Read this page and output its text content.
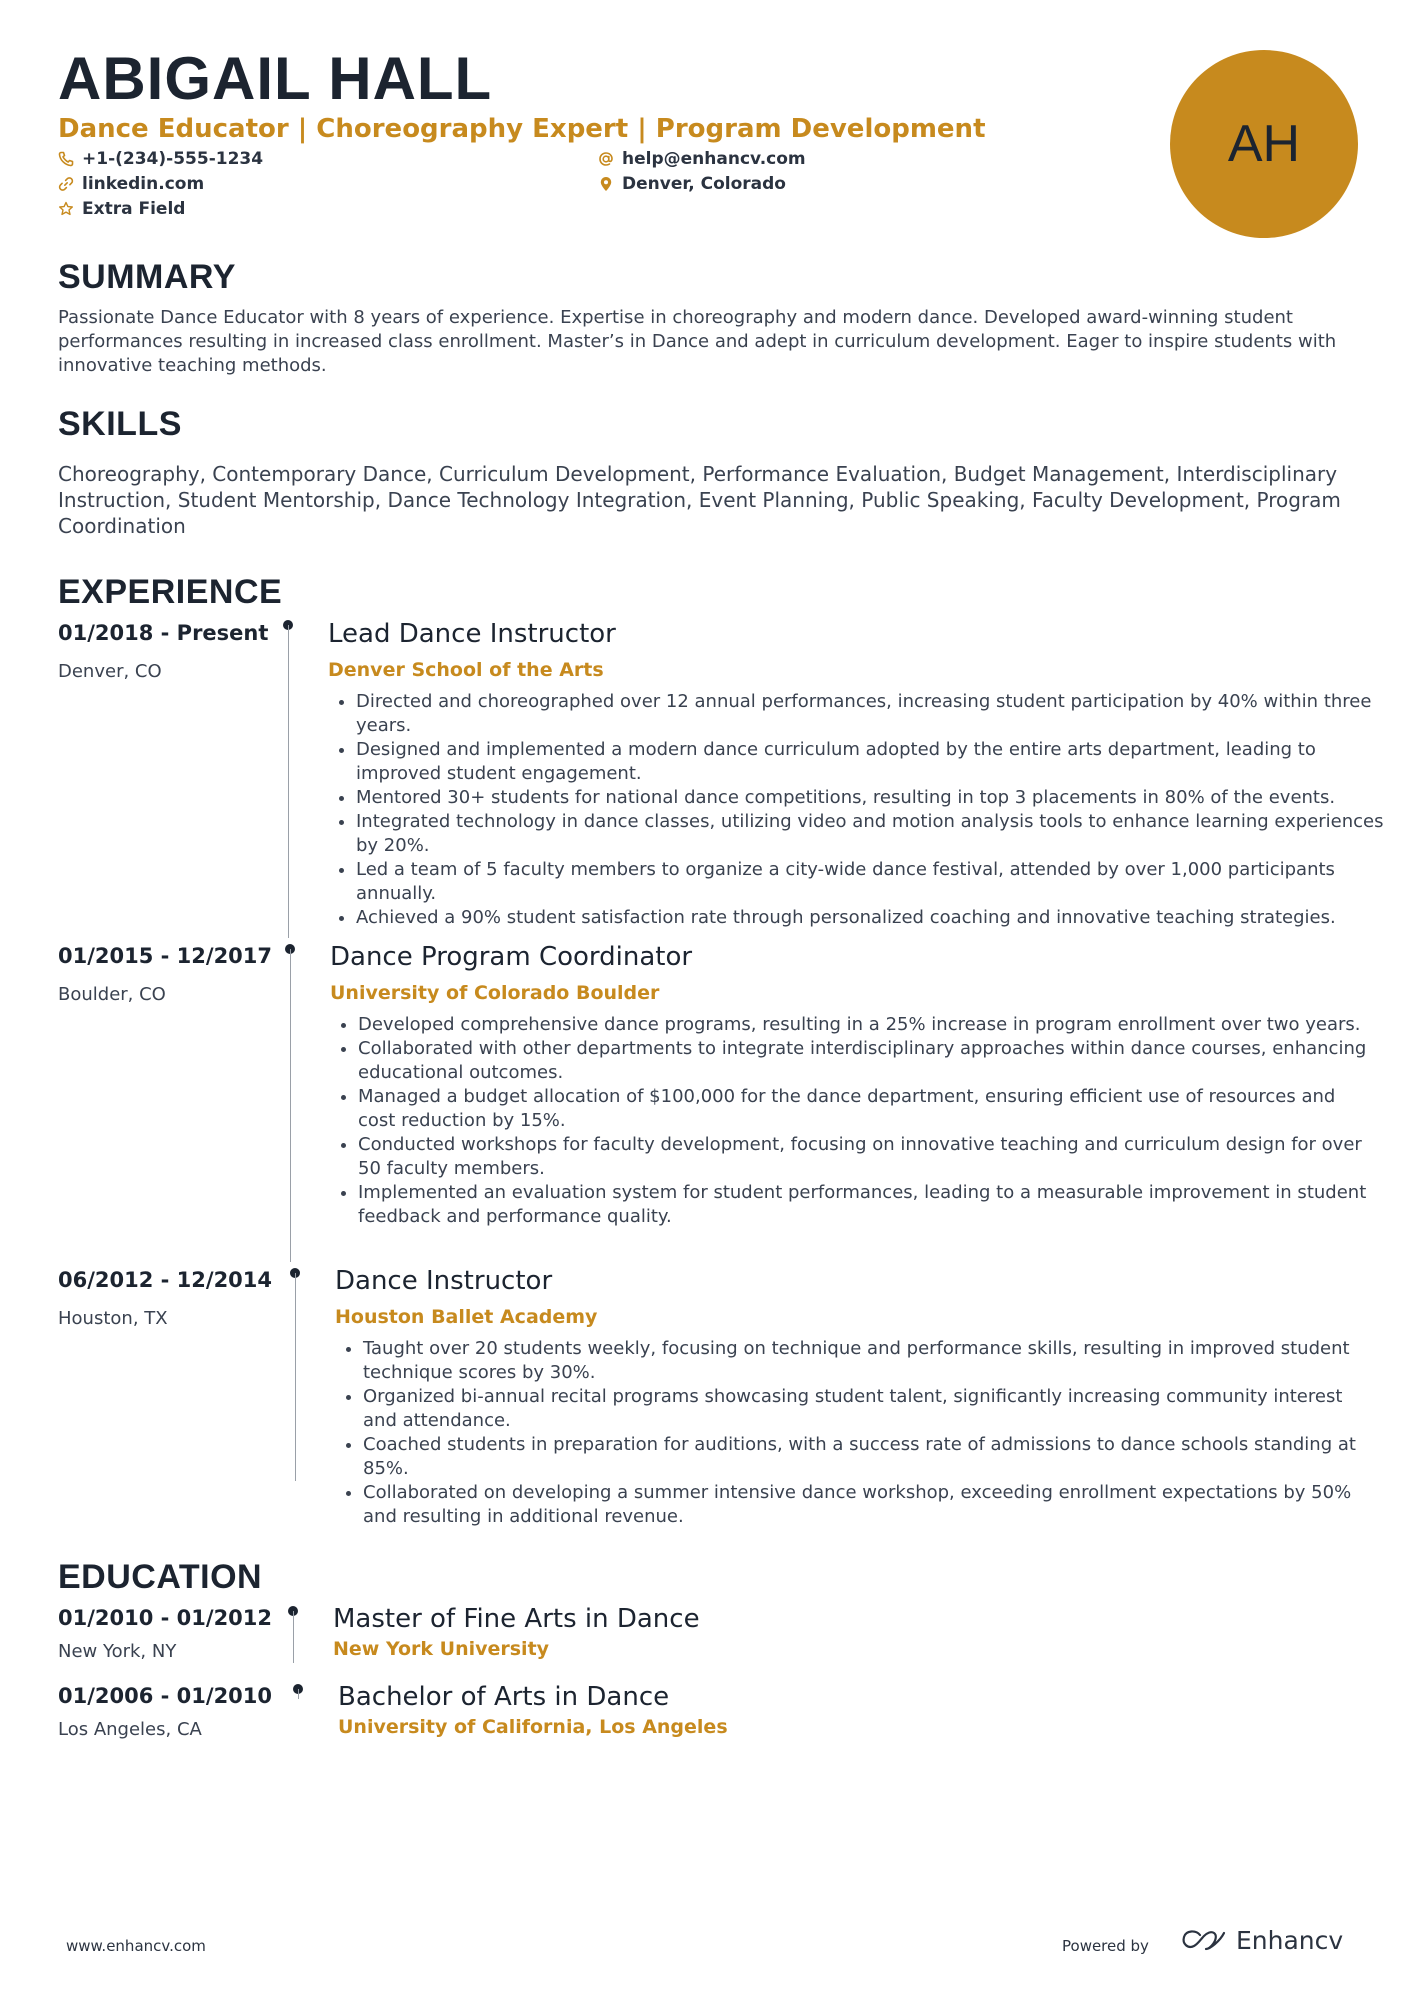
ABIGAIL HALL
Dance Educator | Choreography Expert | Program Development
+1-(234)-555-1234	help@enhancv.com
linkedin.com	Denver, Colorado
Extra Field
AH
SUMMARY

Passionate Dance Educator with 8 years of experience. Expertise in choreography and modern dance. Developed award-winning student performances resulting in increased class enrollment. Master’s in Dance and adept in curriculum development. Eager to inspire students with innovative teaching methods.

SKILLS

Choreography, Contemporary Dance, Curriculum Development, Performance Evaluation, Budget Management, Interdisciplinary Instruction, Student Mentorship, Dance Technology Integration, Event Planning, Public Speaking, Faculty Development, Program Coordination

EXPERIENCE
01/2018 - Present
Denver, CO
Lead Dance Instructor
Denver School of the Arts
• Directed and choreographed over 12 annual performances, increasing student participation by 40% within three years.
• Designed and implemented a modern dance curriculum adopted by the entire arts department, leading to improved student engagement.
• Mentored 30+ students for national dance competitions, resulting in top 3 placements in 80% of the events.
• Integrated technology in dance classes, utilizing video and motion analysis tools to enhance learning experiences by 20%.
• Led a team of 5 faculty members to organize a city-wide dance festival, attended by over 1,000 participants annually.
• Achieved a 90% student satisfaction rate through personalized coaching and innovative teaching strategies.
01/2015 - 12/2017
Boulder, CO
Dance Program Coordinator
University of Colorado Boulder
• Developed comprehensive dance programs, resulting in a 25% increase in program enrollment over two years.
• Collaborated with other departments to integrate interdisciplinary approaches within dance courses, enhancing educational outcomes.
• Managed a budget allocation of $100,000 for the dance department, ensuring efficient use of resources and cost reduction by 15%.
• Conducted workshops for faculty development, focusing on innovative teaching and curriculum design for over 50 faculty members.
• Implemented an evaluation system for student performances, leading to a measurable improvement in student feedback and performance quality.
06/2012 - 12/2014
Houston, TX
Dance Instructor
Houston Ballet Academy
• Taught over 20 students weekly, focusing on technique and performance skills, resulting in improved student technique scores by 30%.
• Organized bi-annual recital programs showcasing student talent, significantly increasing community interest and attendance.
• Coached students in preparation for auditions, with a success rate of admissions to dance schools standing at 85%.
• Collaborated on developing a summer intensive dance workshop, exceeding enrollment expectations by 50% and resulting in additional revenue.
EDUCATION
01/2010 - 01/2012
New York, NY
Master of Fine Arts in Dance
New York University
01/2006 - 01/2010
Los Angeles, CA
Bachelor of Arts in Dance
University of California, Los Angeles
www.enhancv.com	Powered by	Enhancv
